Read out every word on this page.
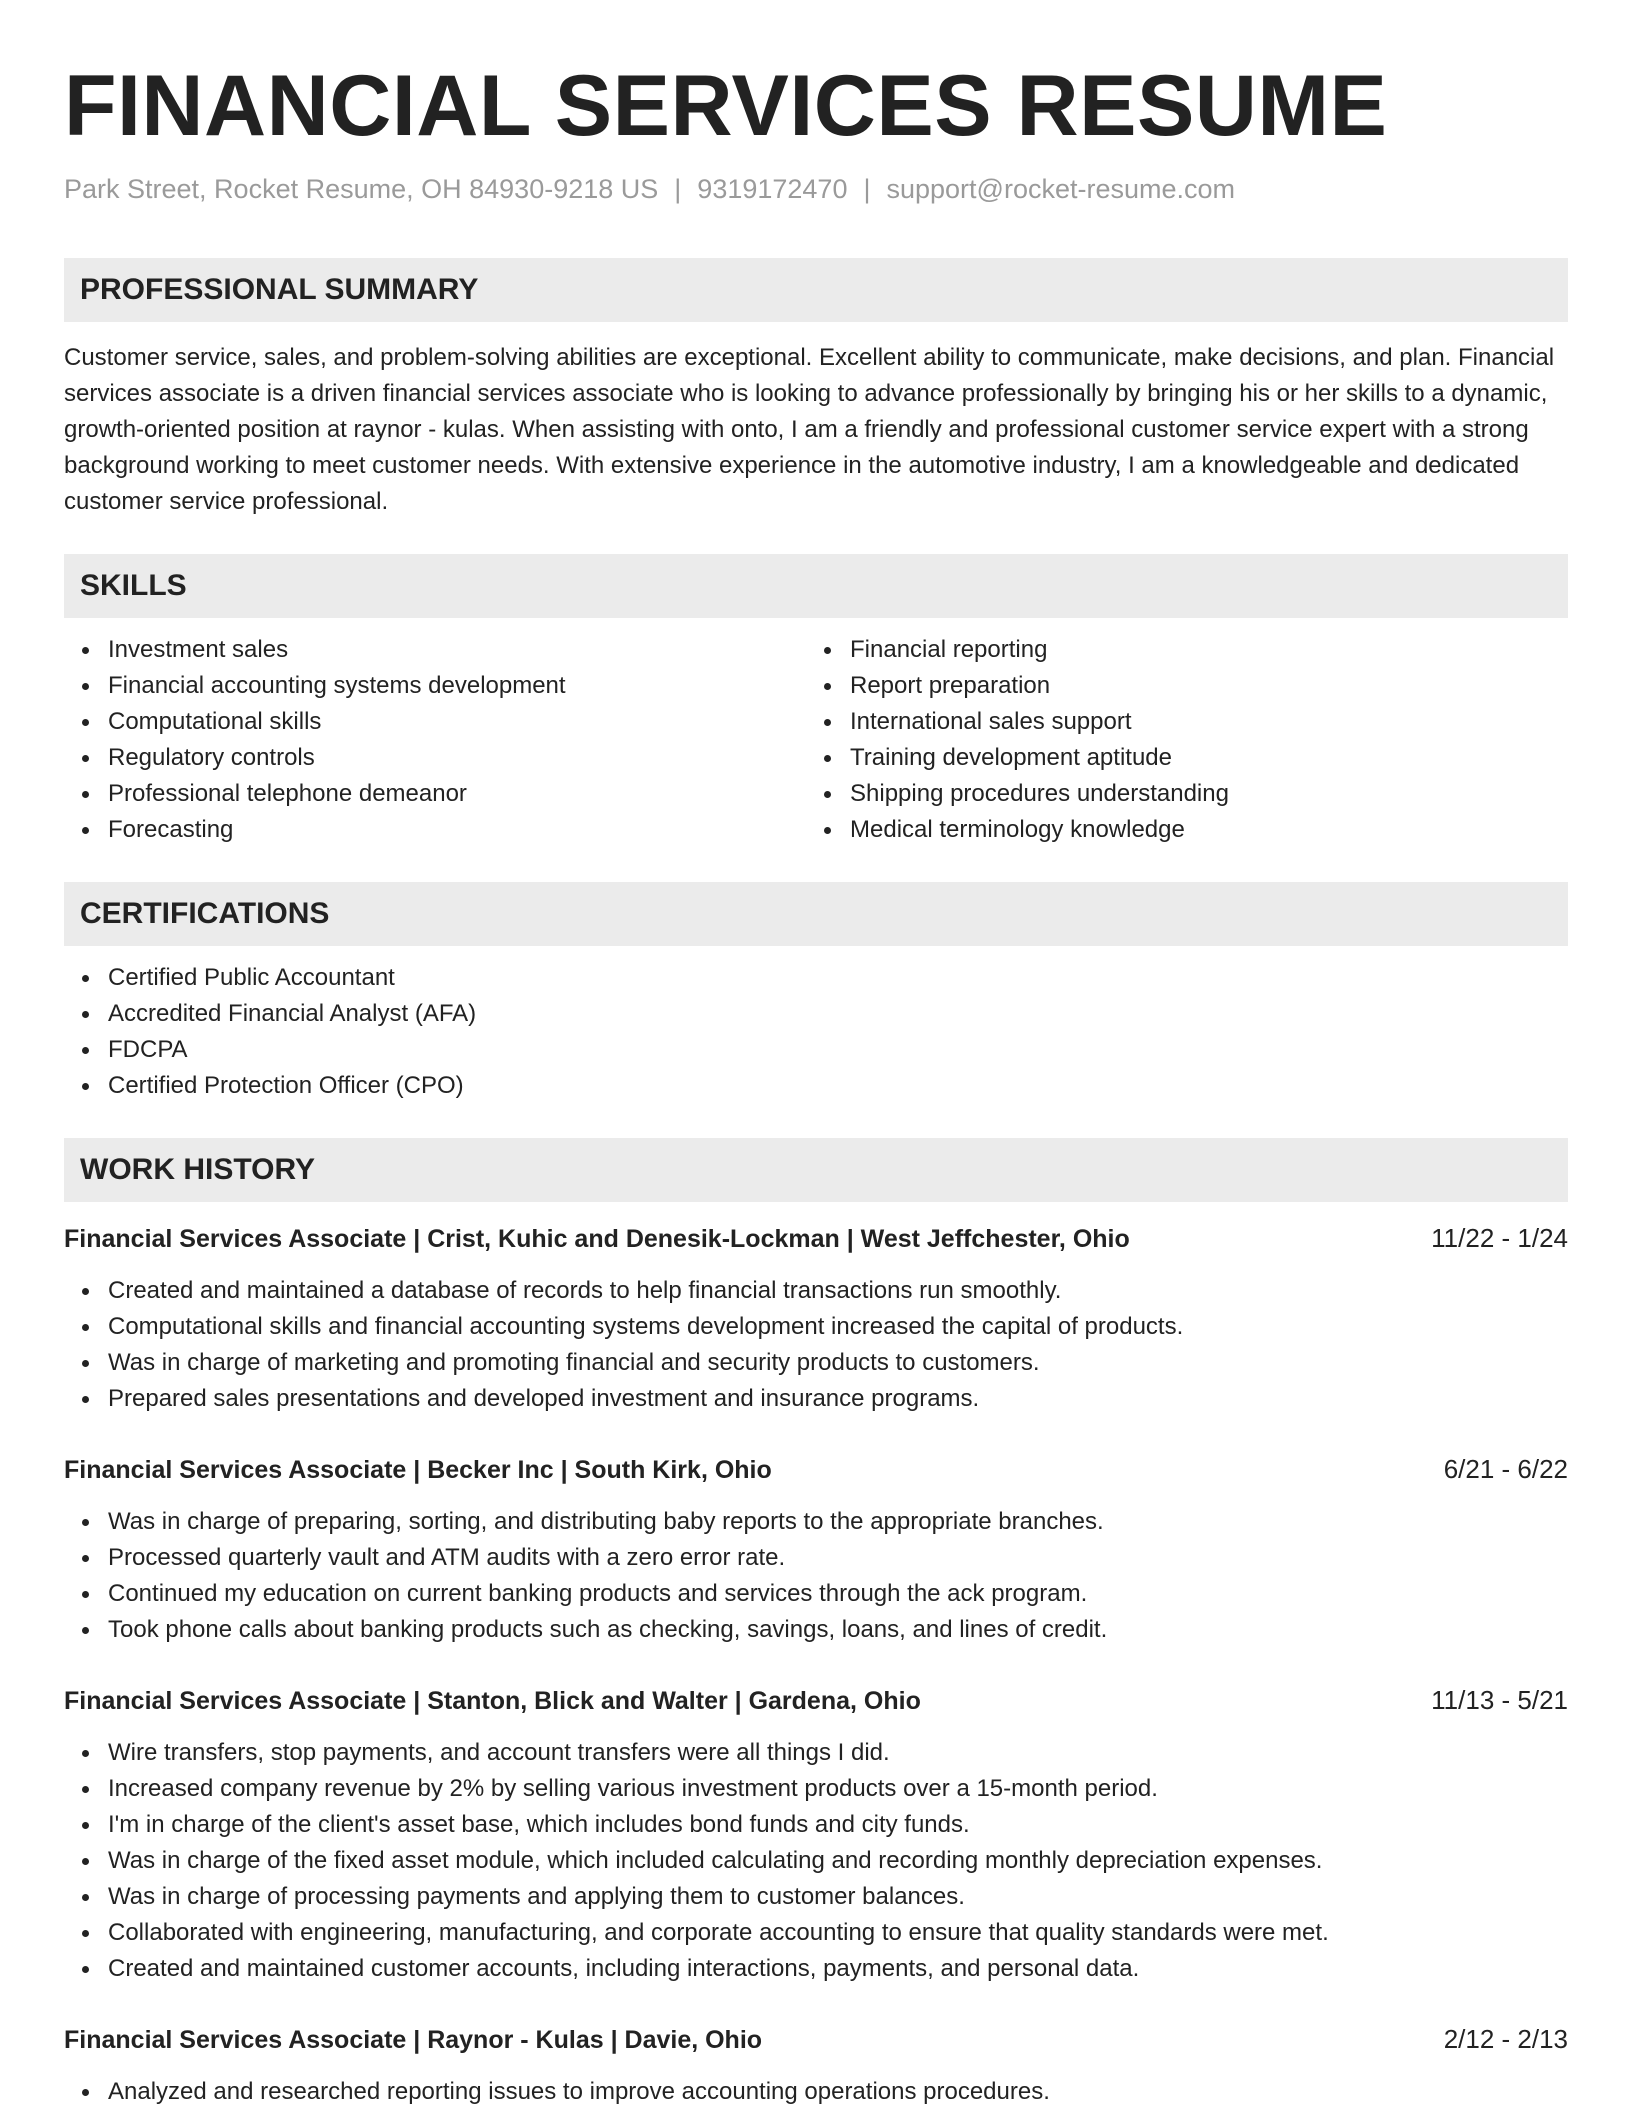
FINANCIAL SERVICES RESUME
Park Street, Rocket Resume, OH 84930-9218 US | 9319172470 | support@rocket-resume.com
PROFESSIONAL SUMMARY

Customer service, sales, and problem-solving abilities are exceptional. Excellent ability to communicate, make decisions, and plan. Financial services associate is a driven financial services associate who is looking to advance professionally by bringing his or her skills to a dynamic, growth-oriented position at raynor - kulas. When assisting with onto, I am a friendly and professional customer service expert with a strong background working to meet customer needs. With extensive experience in the automotive industry, I am a knowledgeable and dedicated customer service professional.

SKILLS
Investment sales
Financial accounting systems development
Computational skills
Regulatory controls
Professional telephone demeanor
Forecasting
Financial reporting
Report preparation
International sales support
Training development aptitude
Shipping procedures understanding
Medical terminology knowledge
CERTIFICATIONS
Certified Public Accountant
Accredited Financial Analyst (AFA)
FDCPA
Certified Protection Officer (CPO)
WORK HISTORY
Financial Services Associate | Crist, Kuhic and Denesik-Lockman | West Jeffchester, Ohio	11/22 - 1/24
Created and maintained a database of records to help financial transactions run smoothly.
Computational skills and financial accounting systems development increased the capital of products.
Was in charge of marketing and promoting financial and security products to customers.
Prepared sales presentations and developed investment and insurance programs.
Financial Services Associate | Becker Inc | South Kirk, Ohio	6/21 - 6/22
Was in charge of preparing, sorting, and distributing baby reports to the appropriate branches.
Processed quarterly vault and ATM audits with a zero error rate.
Continued my education on current banking products and services through the ack program.
Took phone calls about banking products such as checking, savings, loans, and lines of credit.
Financial Services Associate | Stanton, Blick and Walter | Gardena, Ohio	11/13 - 5/21
Wire transfers, stop payments, and account transfers were all things I did.
Increased company revenue by 2% by selling various investment products over a 15-month period.
I'm in charge of the client's asset base, which includes bond funds and city funds.
Was in charge of the fixed asset module, which included calculating and recording monthly depreciation expenses.
Was in charge of processing payments and applying them to customer balances.
Collaborated with engineering, manufacturing, and corporate accounting to ensure that quality standards were met.
Created and maintained customer accounts, including interactions, payments, and personal data.
Financial Services Associate | Raynor - Kulas | Davie, Ohio	2/12 - 2/13
Analyzed and researched reporting issues to improve accounting operations procedures.
